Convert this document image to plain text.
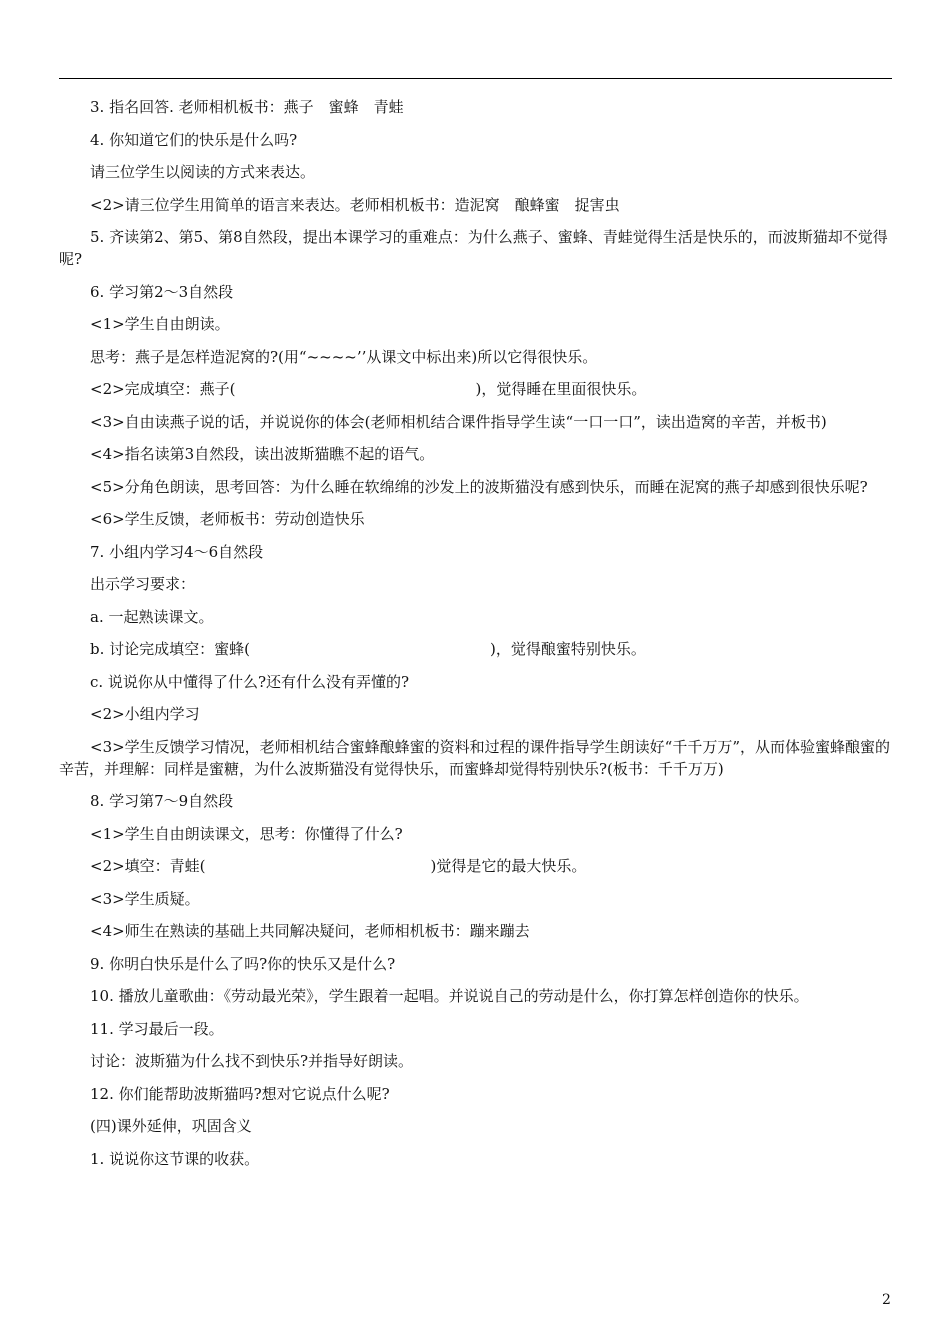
3. 指名回答. 老师相机板书：燕子　蜜蜂　青蛙

4. 你知道它们的快乐是什么吗?

请三位学生以阅读的方式来表达。

<2>请三位学生用简单的语言来表达。老师相机板书：造泥窝　酿蜂蜜　捉害虫

5. 齐读第2、第5、第8自然段，提出本课学习的重难点：为什么燕子、蜜蜂、青蛙觉得生活是快乐的，而波斯猫却不觉得呢?

6. 学习第2～3自然段

<1>学生自由朗读。

思考：燕子是怎样造泥窝的?(用“~~~~’’从课文中标出来)所以它得很快乐。

<2>完成填空：燕子(　　　　　　　　　　　　　　　　)，觉得睡在里面很快乐。

<3>自由读燕子说的话，并说说你的体会(老师相机结合课件指导学生读“一口一口”，读出造窝的辛苦，并板书)

<4>指名读第3自然段，读出波斯猫瞧不起的语气。

<5>分角色朗读，思考回答：为什么睡在软绵绵的沙发上的波斯猫没有感到快乐，而睡在泥窝的燕子却感到很快乐呢?

<6>学生反馈，老师板书：劳动创造快乐

7. 小组内学习4～6自然段

出示学习要求：

a. 一起熟读课文。

b. 讨论完成填空：蜜蜂(　　　　　　　　　　　　　　　　)，觉得酿蜜特别快乐。

c. 说说你从中懂得了什么?还有什么没有弄懂的?

<2>小组内学习

<3>学生反馈学习情况，老师相机结合蜜蜂酿蜂蜜的资料和过程的课件指导学生朗读好“千千万万”，从而体验蜜蜂酿蜜的辛苦，并理解：同样是蜜糖，为什么波斯猫没有觉得快乐，而蜜蜂却觉得特别快乐?(板书：千千万万)

8. 学习第7～9自然段

<1>学生自由朗读课文，思考：你懂得了什么?

<2>填空：青蛙(　　　　　　　　　　　　　　　)觉得是它的最大快乐。

<3>学生质疑。

<4>师生在熟读的基础上共同解决疑问，老师相机板书：蹦来蹦去

9. 你明白快乐是什么了吗?你的快乐又是什么?

10. 播放儿童歌曲：《劳动最光荣》，学生跟着一起唱。并说说自己的劳动是什么，你打算怎样创造你的快乐。

11. 学习最后一段。

讨论：波斯猫为什么找不到快乐?并指导好朗读。

12. 你们能帮助波斯猫吗?想对它说点什么呢?

(四)课外延伸，巩固含义

1. 说说你这节课的收获。

2
